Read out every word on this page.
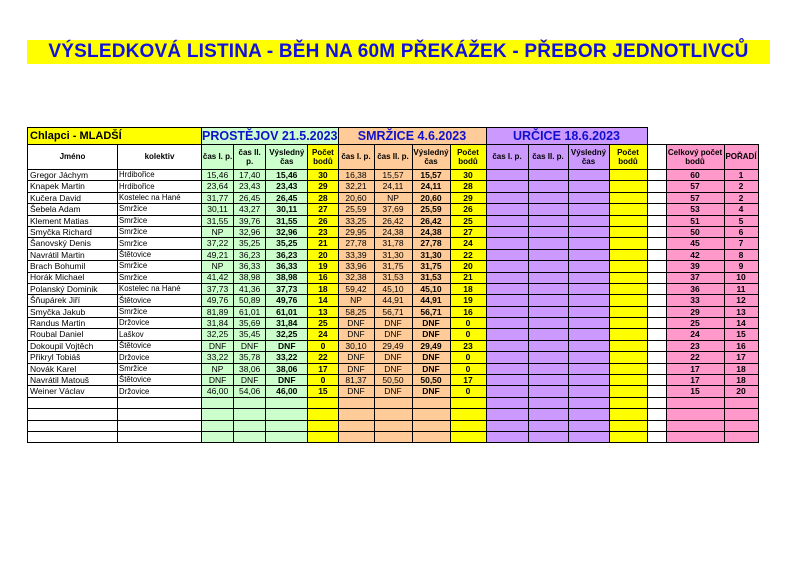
VÝSLEDKOVÁ LISTINA - BĚH NA 60M PŘEKÁŽEK - PŘEBOR JEDNOTLIVCŮ
Chlapci - MLADŠÍ		PROSTĚJOV 21.5.2023				SMRŽICE 4.6.2023				URČICE 18.6.2023						
Jméno	kolektiv	čas I. p.	čas II. p.	Výsledný čas	Počet bodů	čas I. p.	čas II. p.	Výsledný čas	Počet bodů	čas I. p.	čas II. p.	Výsledný čas	Počet bodů		Celkový počet bodů	POŘADÍ
Gregor Jáchym	Hrdibořice	15,46	17,40	15,46	30	16,38	15,57	15,57	30						60	1
Knapek Martin	Hrdibořice	23,64	23,43	23,43	29	32,21	24,11	24,11	28						57	2
Kučera David	Kostelec na Hané	31,77	26,45	26,45	28	20,60	NP	20,60	29						57	2
Šebela Adam	Smržice	30,11	43,27	30,11	27	25,59	37,69	25,59	26						53	4
Klement Matias	Smržice	31,55	39,76	31,55	26	33,25	26,42	26,42	25						51	5
Smyčka Richard	Smržice	NP	32,96	32,96	23	29,95	24,38	24,38	27						50	6
Šanovský Denis	Smržice	37,22	35,25	35,25	21	27,78	31,78	27,78	24						45	7
Navrátil Martin	Štětovice	49,21	36,23	36,23	20	33,39	31,30	31,30	22						42	8
Brach Bohumil	Smržice	NP	36,33	36,33	19	33,96	31,75	31,75	20						39	9
Horák Michael	Smržice	41,42	38,98	38,98	16	32,38	31,53	31,53	21						37	10
Polanský Dominik	Kostelec na Hané	37,73	41,36	37,73	18	59,42	45,10	45,10	18						36	11
Šňupárek Jiří	Štětovice	49,76	50,89	49,76	14	NP	44,91	44,91	19						33	12
Smyčka Jakub	Smržice	81,89	61,01	61,01	13	58,25	56,71	56,71	16						29	13
Randus Martin	Držovice	31,84	35,69	31,84	25	DNF	DNF	DNF	0						25	14
Roubal Daniel	Laškov	32,25	35,45	32,25	24	DNF	DNF	DNF	0						24	15
Dokoupil Vojtěch	Štětovice	DNF	DNF	DNF	0	30,10	29,49	29,49	23						23	16
Přikryl Tobiáš	Držovice	33,22	35,78	33,22	22	DNF	DNF	DNF	0						22	17
Novák Karel	Smržice	NP	38,06	38,06	17	DNF	DNF	DNF	0						17	18
Navrátil Matouš	Štětovice	DNF	DNF	DNF	0	81,37	50,50	50,50	17						17	18
Weiner Václav	Držovice	46,00	54,06	46,00	15	DNF	DNF	DNF	0						15	20
